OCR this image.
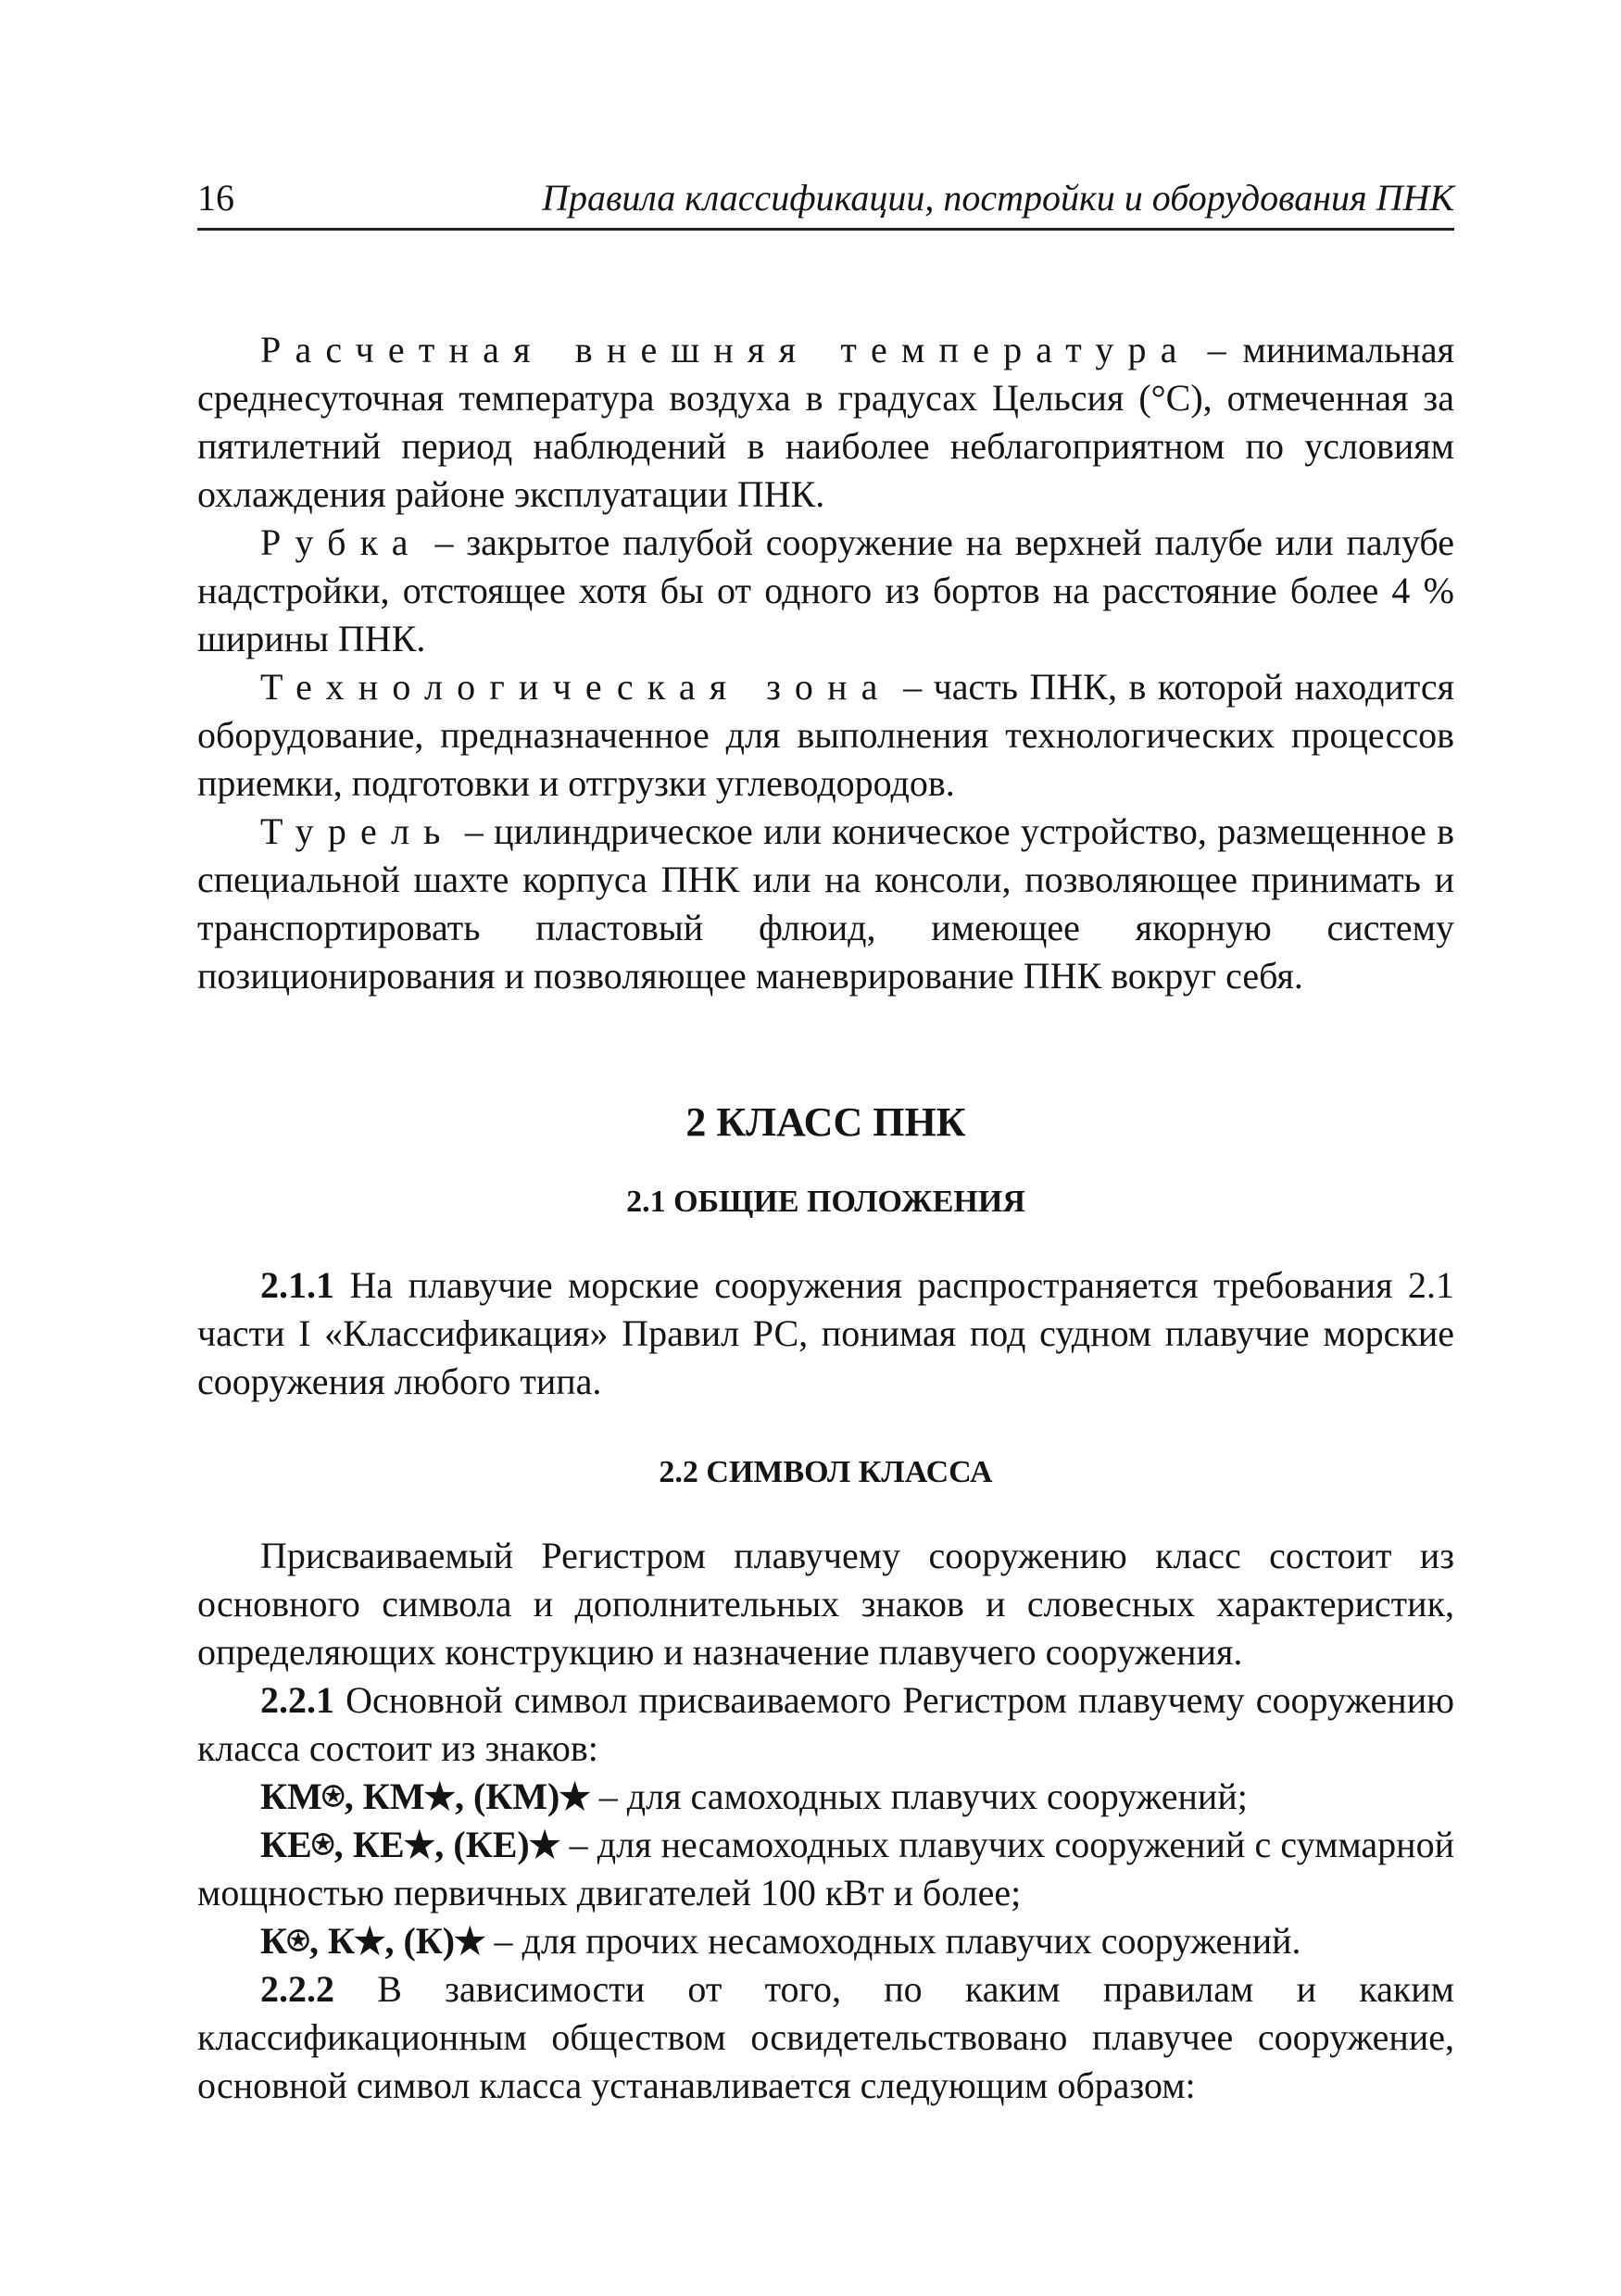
16	Правила классификации, постройки и оборудования ПНК

Расчетная внешняя температура – минимальная среднесуточная температура воздуха в градусах Цельсия (°С), отмеченная за пятилетний период наблюдений в наиболее неблагоприятном по условиям охлаждения районе эксплуатации ПНК.

Рубка – закрытое палубой сооружение на верхней палубе или палубе надстройки, отстоящее хотя бы от одного из бортов на расстояние более 4 % ширины ПНК.

Технологическая зона – часть ПНК, в которой находится оборудование, предназначенное для выполнения технологических процессов приемки, подготовки и отгрузки углеводородов.

Турель – цилиндрическое или коническое устройство, размещенное в специальной шахте корпуса ПНК или на консоли, позволяющее принимать и транспортировать пластовый флюид, имеющее якорную систему позиционирования и позволяющее маневрирование ПНК вокруг себя.

2 КЛАСС ПНК
2.1 ОБЩИЕ ПОЛОЖЕНИЯ

2.1.1 На плавучие морские сооружения распространяется требования 2.1 части I «Классификация» Правил РС, понимая под судном плавучие морские сооружения любого типа.

2.2 СИМВОЛ КЛАССА

Присваиваемый Регистром плавучему сооружению класс состоит из основного символа и дополнительных знаков и словесных характеристик, определяющих конструкцию и назначение плавучего сооружения.

2.2.1 Основной символ присваиваемого Регистром плавучему сооружению класса состоит из знаков:

КМ⍟, КМ★, (КМ)★ – для самоходных плавучих сооружений;

КЕ⍟, КЕ★, (КЕ)★ – для несамоходных плавучих сооружений с суммарной мощностью первичных двигателей 100 кВт и более;

К⍟, К★, (К)★ – для прочих несамоходных плавучих сооружений.

2.2.2 В зависимости от того, по каким правилам и каким классификационным обществом освидетельствовано плавучее сооружение, основной символ класса устанавливается следующим образом:
